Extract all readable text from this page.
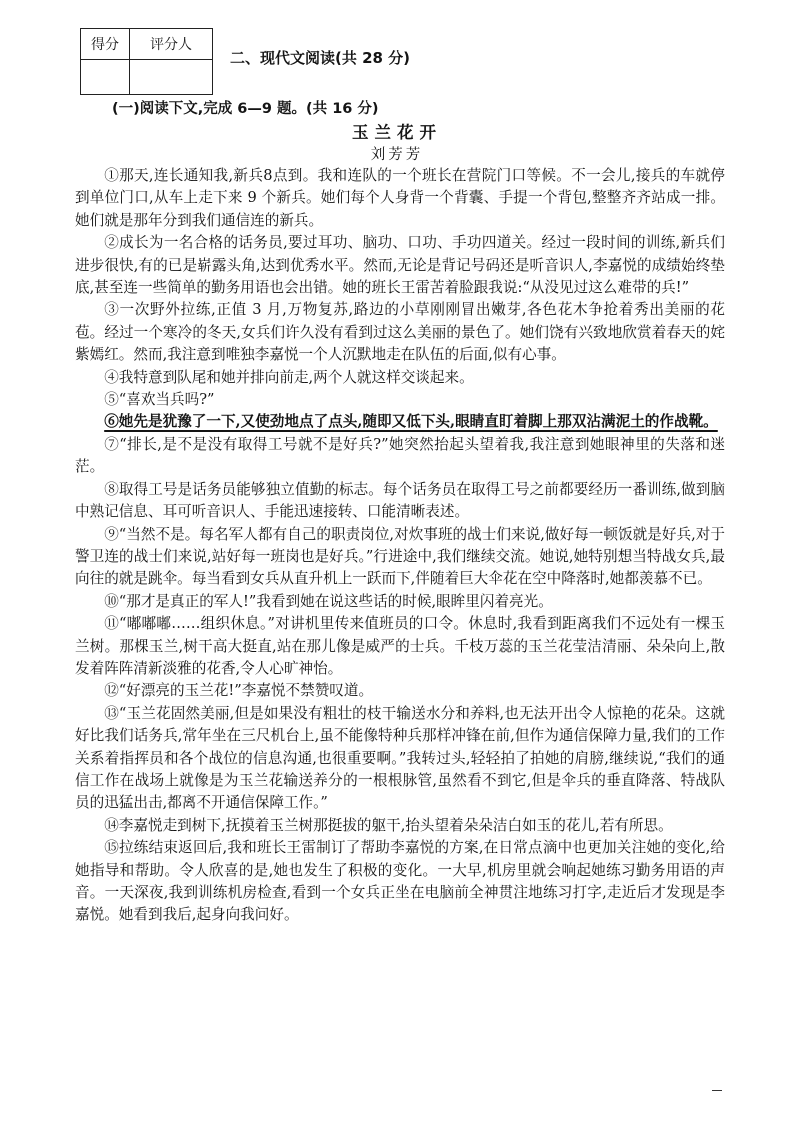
得分	评分人

二、现代文阅读(共 28 分)
(一)阅读下文,完成 6—9 题。(共 16 分)
玉兰花开
刘芳芳

①那天,连长通知我,新兵8点到。我和连队的一个班长在营院门口等候。不一会儿,接兵的车就停到单位门口,从车上走下来 9 个新兵。她们每个人身背一个背囊、手提一个背包,整整齐齐站成一排。她们就是那年分到我们通信连的新兵。

②成长为一名合格的话务员,要过耳功、脑功、口功、手功四道关。经过一段时间的训练,新兵们进步很快,有的已是崭露头角,达到优秀水平。然而,无论是背记号码还是听音识人,李嘉悦的成绩始终垫底,甚至连一些简单的勤务用语也会出错。她的班长王雷苦着脸跟我说:“从没见过这么难带的兵!”

③一次野外拉练,正值 3 月,万物复苏,路边的小草刚刚冒出嫩芽,各色花木争抢着秀出美丽的花苞。经过一个寒冷的冬天,女兵们许久没有看到过这么美丽的景色了。她们饶有兴致地欣赏着春天的姹紫嫣红。然而,我注意到唯独李嘉悦一个人沉默地走在队伍的后面,似有心事。

④我特意到队尾和她并排向前走,两个人就这样交谈起来。

⑤“喜欢当兵吗?”

⑥她先是犹豫了一下,又使劲地点了点头,随即又低下头,眼睛直盯着脚上那双沾满泥土的作战靴。

⑦“排长,是不是没有取得工号就不是好兵?”她突然抬起头望着我,我注意到她眼神里的失落和迷茫。

⑧取得工号是话务员能够独立值勤的标志。每个话务员在取得工号之前都要经历一番训练,做到脑中熟记信息、耳可听音识人、手能迅速接转、口能清晰表述。

⑨“当然不是。每名军人都有自己的职责岗位,对炊事班的战士们来说,做好每一顿饭就是好兵,对于警卫连的战士们来说,站好每一班岗也是好兵。”行进途中,我们继续交流。她说,她特别想当特战女兵,最向往的就是跳伞。每当看到女兵从直升机上一跃而下,伴随着巨大伞花在空中降落时,她都羡慕不已。

⑩“那才是真正的军人!”我看到她在说这些话的时候,眼眸里闪着亮光。

⑪“嘟嘟嘟……组织休息。”对讲机里传来值班员的口令。休息时,我看到距离我们不远处有一棵玉兰树。那棵玉兰,树干高大挺直,站在那儿像是威严的士兵。千枝万蕊的玉兰花莹洁清丽、朵朵向上,散发着阵阵清新淡雅的花香,令人心旷神怡。

⑫“好漂亮的玉兰花!”李嘉悦不禁赞叹道。

⑬“玉兰花固然美丽,但是如果没有粗壮的枝干输送水分和养料,也无法开出令人惊艳的花朵。这就好比我们话务兵,常年坐在三尺机台上,虽不能像特种兵那样冲锋在前,但作为通信保障力量,我们的工作关系着指挥员和各个战位的信息沟通,也很重要啊。”我转过头,轻轻拍了拍她的肩膀,继续说,“我们的通信工作在战场上就像是为玉兰花输送养分的一根根脉管,虽然看不到它,但是伞兵的垂直降落、特战队员的迅猛出击,都离不开通信保障工作。”

⑭李嘉悦走到树下,抚摸着玉兰树那挺拔的躯干,抬头望着朵朵洁白如玉的花儿,若有所思。

⑮拉练结束返回后,我和班长王雷制订了帮助李嘉悦的方案,在日常点滴中也更加关注她的变化,给她指导和帮助。令人欣喜的是,她也发生了积极的变化。一大早,机房里就会响起她练习勤务用语的声音。一天深夜,我到训练机房检查,看到一个女兵正坐在电脑前全神贯注地练习打字,走近后才发现是李嘉悦。她看到我后,起身向我问好。
